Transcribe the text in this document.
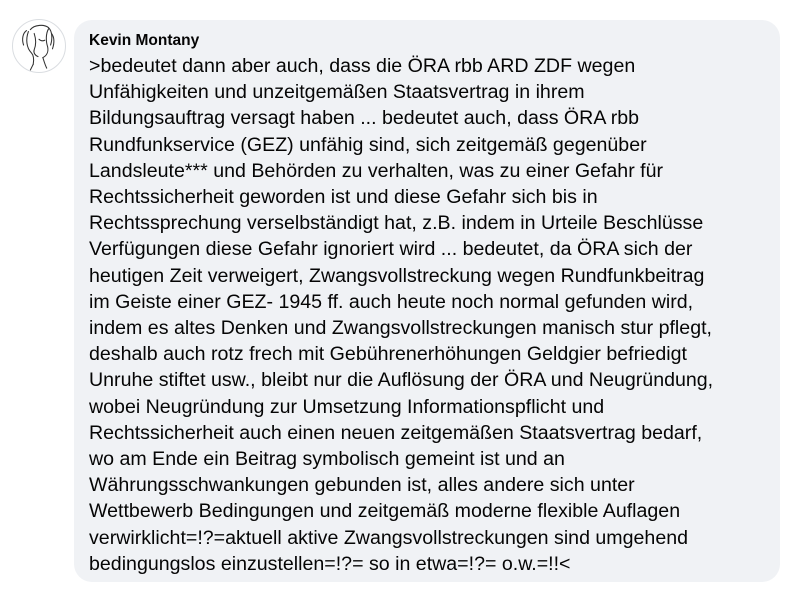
Kevin Montany
>bedeutet dann aber auch, dass die ÖRA rbb ARD ZDF wegen
Unfähigkeiten und unzeitgemäßen Staatsvertrag in ihrem
Bildungsauftrag versagt haben ... bedeutet auch, dass ÖRA rbb
Rundfunkservice (GEZ) unfähig sind, sich zeitgemäß gegenüber
Landsleute*** und Behörden zu verhalten, was zu einer Gefahr für
Rechtssicherheit geworden ist und diese Gefahr sich bis in
Rechtssprechung verselbständigt hat, z.B. indem in Urteile Beschlüsse
Verfügungen diese Gefahr ignoriert wird ... bedeutet, da ÖRA sich der
heutigen Zeit verweigert, Zwangsvollstreckung wegen Rundfunkbeitrag
im Geiste einer GEZ- 1945 ff. auch heute noch normal gefunden wird,
indem es altes Denken und Zwangsvollstreckungen manisch stur pflegt,
deshalb auch rotz frech mit Gebührenerhöhungen Geldgier befriedigt
Unruhe stiftet usw., bleibt nur die Auflösung der ÖRA und Neugründung,
wobei Neugründung zur Umsetzung Informationspflicht und
Rechtssicherheit auch einen neuen zeitgemäßen Staatsvertrag bedarf,
wo am Ende ein Beitrag symbolisch gemeint ist und an
Währungsschwankungen gebunden ist, alles andere sich unter
Wettbewerb Bedingungen und zeitgemäß moderne flexible Auflagen
verwirklicht=!?=aktuell aktive Zwangsvollstreckungen sind umgehend
bedingungslos einzustellen=!?= so in etwa=!?= o.w.=!!<
